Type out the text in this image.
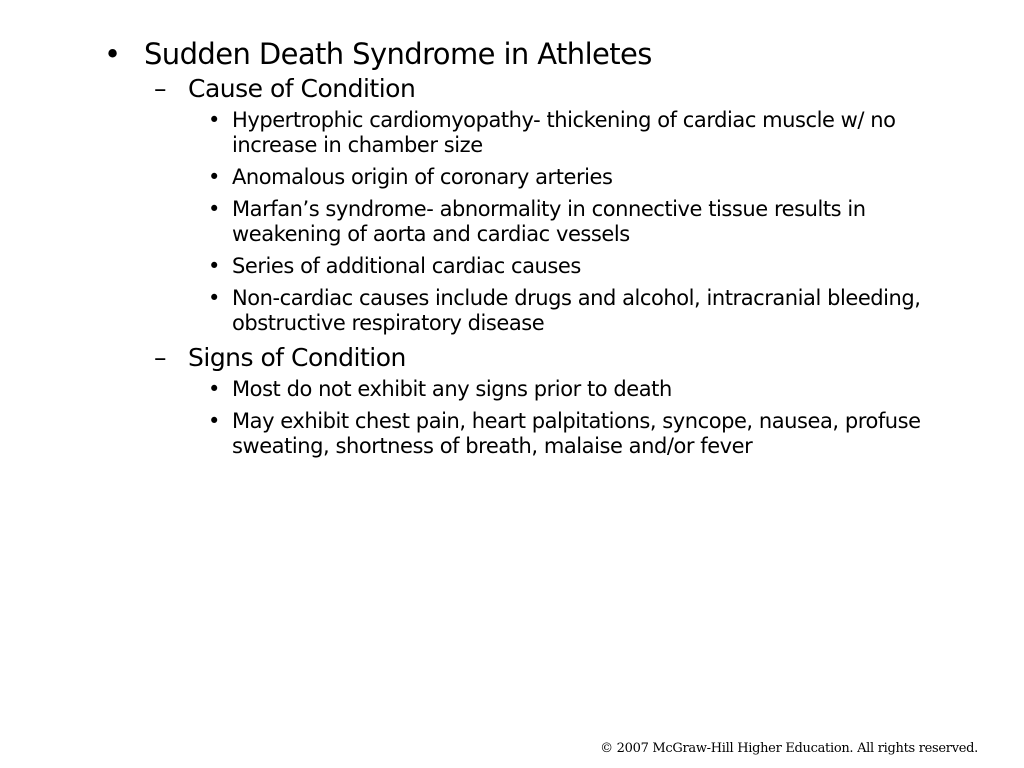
• Sudden Death Syndrome in Athletes
– Cause of Condition
• Hypertrophic cardiomyopathy- thickening of cardiac muscle w/ no increase in chamber size
• Anomalous origin of coronary arteries
• Marfan’s syndrome- abnormality in connective tissue results in weakening of aorta and cardiac vessels
• Series of additional cardiac causes
• Non-cardiac causes include drugs and alcohol, intracranial bleeding, obstructive respiratory disease
– Signs of Condition
• Most do not exhibit any signs prior to death
• May exhibit chest pain, heart palpitations, syncope, nausea, profuse sweating, shortness of breath, malaise and/or fever
© 2007 McGraw-Hill Higher Education. All rights reserved.
